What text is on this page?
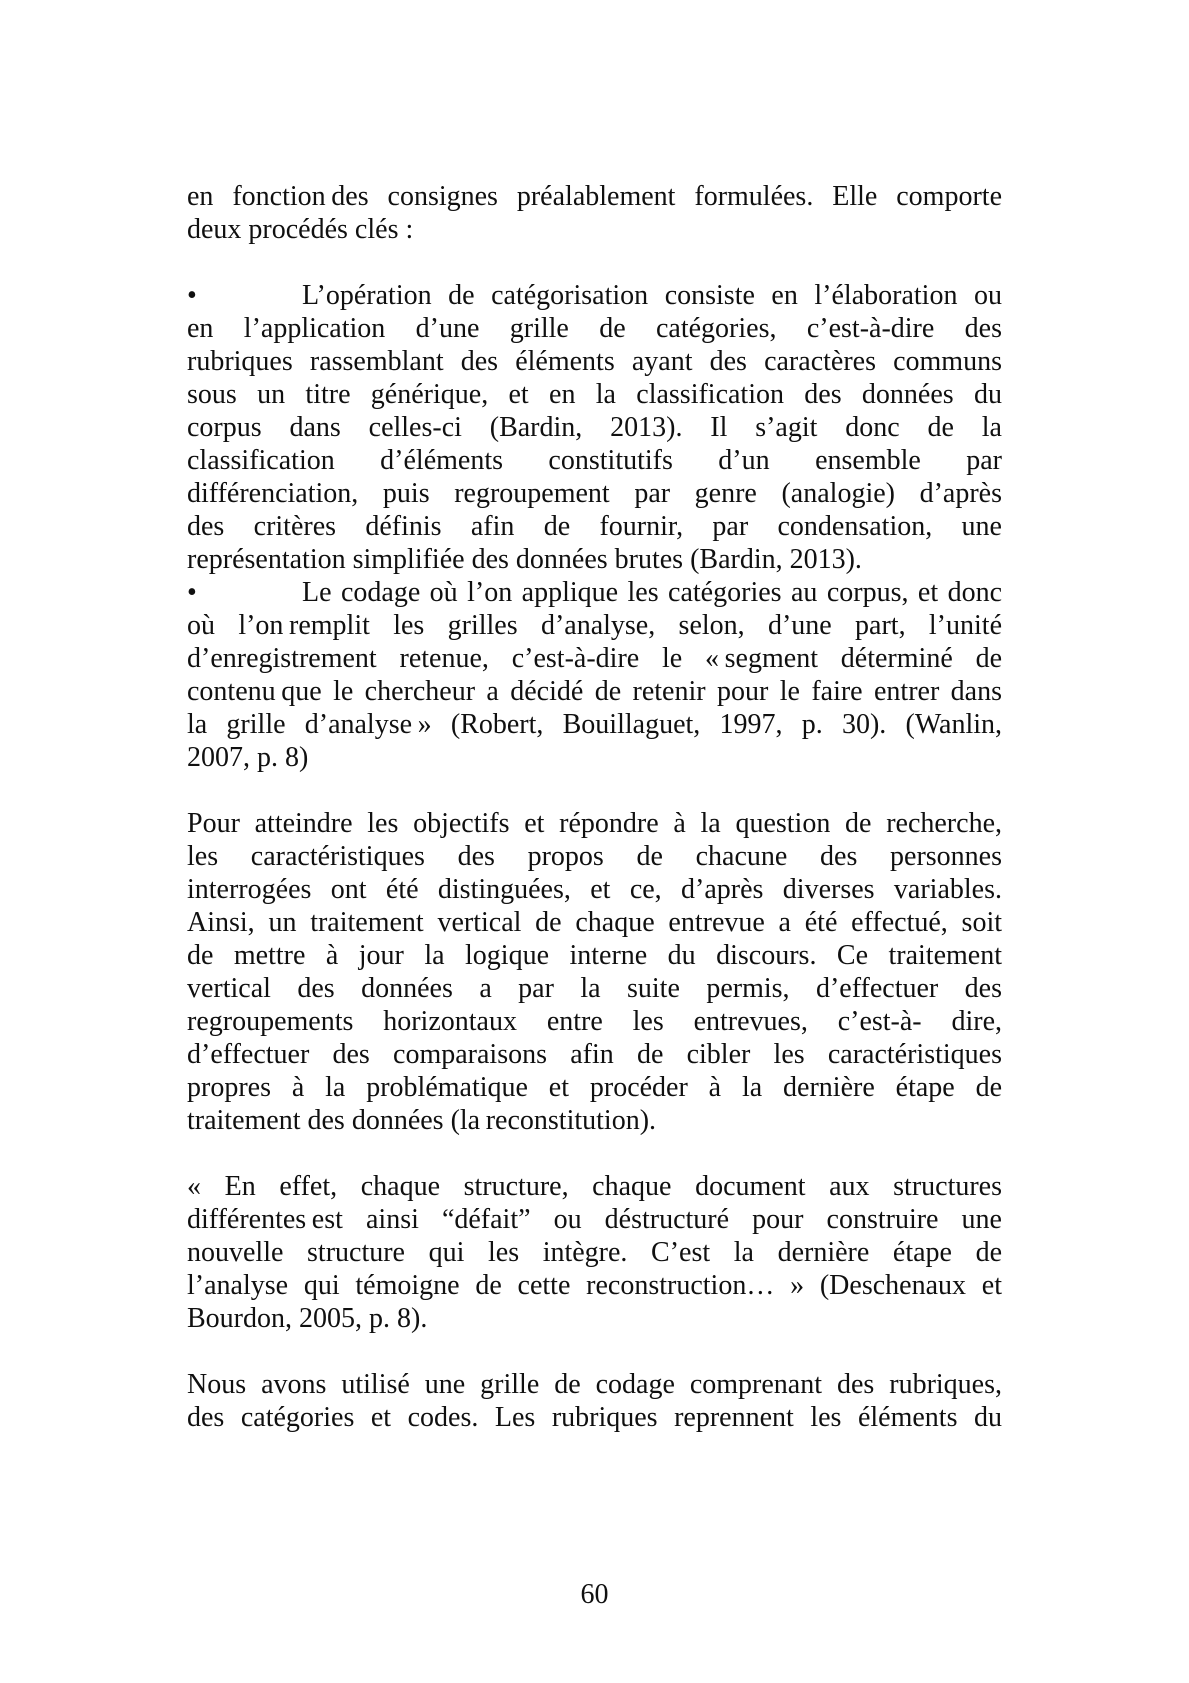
en fonction des consignes préalablement formulées. Elle comporte
deux procédés clés :
•	L’opération de catégorisation consiste en l’élaboration ou
en l’application d’une grille de catégories, c’est-à-dire des
rubriques rassemblant des éléments ayant des caractères communs
sous un titre générique, et en la classification des données du
corpus dans celles-ci (Bardin, 2013). Il s’agit donc de la
classification d’éléments constitutifs d’un ensemble par
différenciation, puis regroupement par genre (analogie) d’après
des critères définis afin de fournir, par condensation, une
représentation simplifiée des données brutes (Bardin, 2013).
•	Le codage où l’on applique les catégories au corpus, et donc
où l’on remplit les grilles d’analyse, selon, d’une part, l’unité
d’enregistrement retenue, c’est-à-dire le « segment déterminé de
contenu que le chercheur a décidé de retenir pour le faire entrer dans
la grille d’analyse » (Robert, Bouillaguet, 1997, p. 30). (Wanlin,
2007, p. 8)
Pour atteindre les objectifs et répondre à la question de recherche,
les caractéristiques des propos de chacune des personnes
interrogées ont été distinguées, et ce, d’après diverses variables.
Ainsi, un traitement vertical de chaque entrevue a été effectué, soit
de mettre à jour la logique interne du discours. Ce traitement
vertical des données a par la suite permis, d’effectuer des
regroupements horizontaux entre les entrevues, c’est-à- dire,
d’effectuer des comparaisons afin de cibler les caractéristiques
propres à la problématique et procéder à la dernière étape de
traitement des données (la reconstitution).
« En effet, chaque structure, chaque document aux structures
différentes est ainsi “défait” ou déstructuré pour construire une
nouvelle structure qui les intègre. C’est la dernière étape de
l’analyse qui témoigne de cette reconstruction… » (Deschenaux et
Bourdon, 2005, p. 8).
Nous avons utilisé une grille de codage comprenant des rubriques,
des catégories et codes. Les rubriques reprennent les éléments du
60
